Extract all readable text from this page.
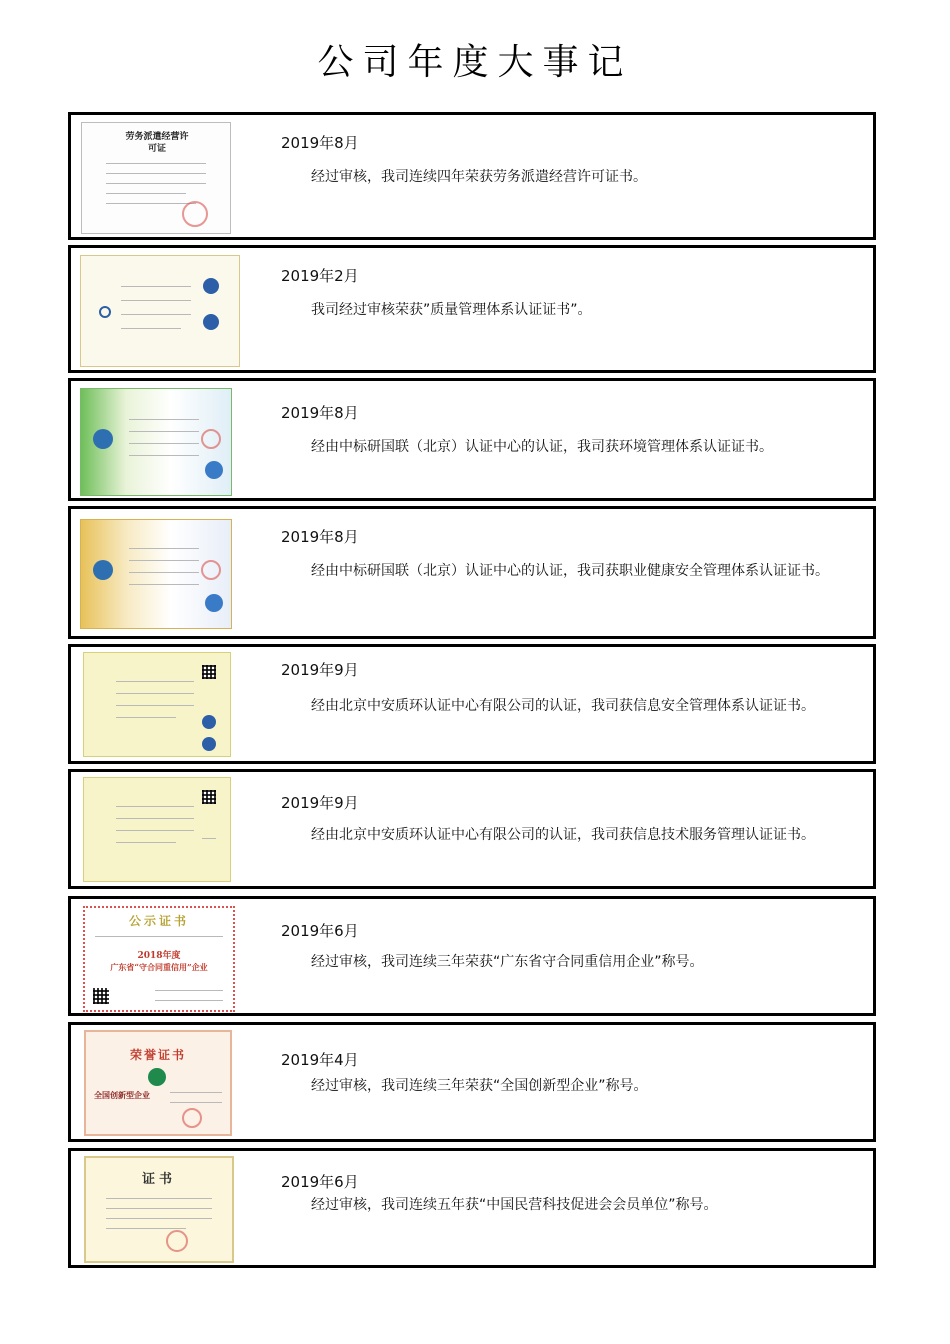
公司年度大事记
劳务派遣经营许可证	2019年8月
经过审核，我司连续四年荣获劳务派遣经营许可证书。
2019年2月
我司经过审核荣获”质量管理体系认证证书”。
2019年8月
经由中标研国联（北京）认证中心的认证，我司获环境管理体系认证证书。
2019年8月
经由中标研国联（北京）认证中心的认证，我司获职业健康安全管理体系认证证书。
2019年9月
经由北京中安质环认证中心有限公司的认证，我司获信息安全管理体系认证证书。
2019年9月
经由北京中安质环认证中心有限公司的认证，我司获信息技术服务管理认证证书。
公示证书
2018年度
广东省“守合同重信用”企业
2019年6月
经过审核，我司连续三年荣获“广东省守合同重信用企业”称号。
荣誉证书
全国创新型企业
2019年4月
经过审核，我司连续三年荣获“全国创新型企业”称号。
证书	2019年6月
经过审核，我司连续五年获“中国民营科技促进会会员单位”称号。
